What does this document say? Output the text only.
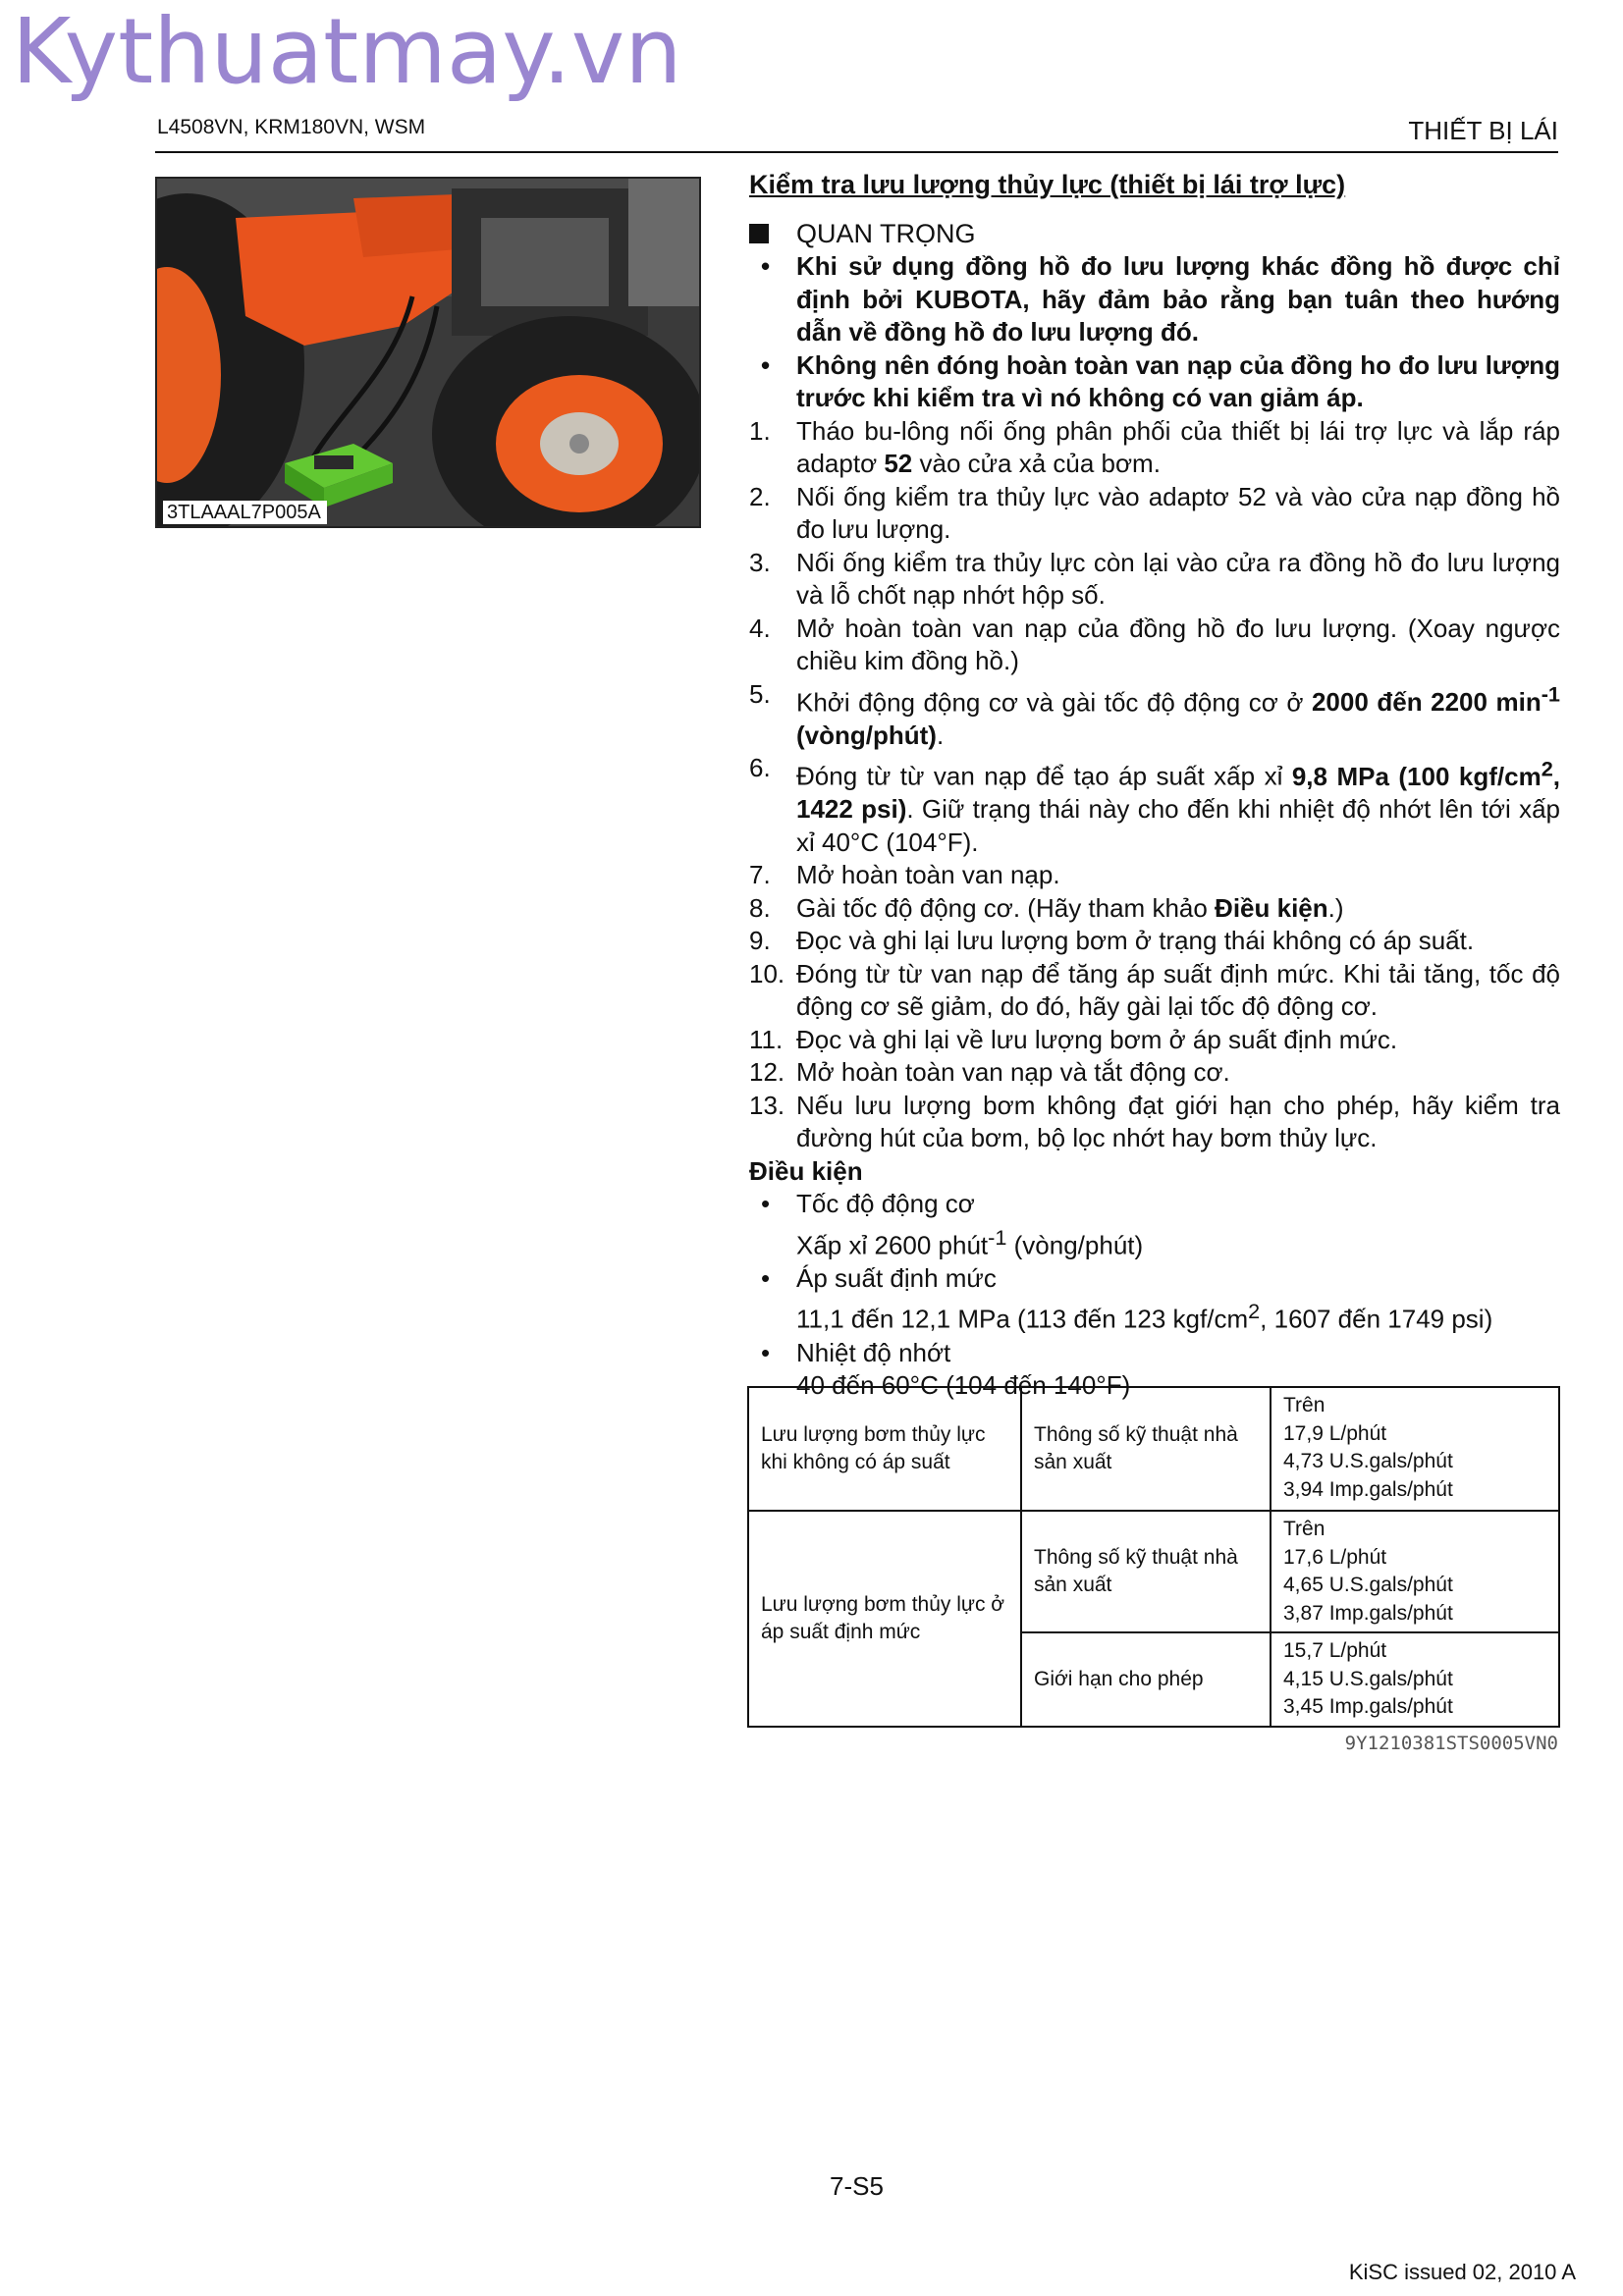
Kythuatmay.vn
L4508VN, KRM180VN, WSM	THIẾT BỊ LÁI
3TLAAAL7P005A
Kiểm tra lưu lượng thủy lực (thiết bị lái trợ lực)
QUAN TRỌNG
•	Khi sử dụng đồng hồ đo lưu lượng khác đồng hồ được chỉ định bởi KUBOTA, hãy đảm bảo rằng bạn tuân theo hướng dẫn về đồng hồ đo lưu lượng đó.
•	Không nên đóng hoàn toàn van nạp của đồng ho đo lưu lượng trước khi kiểm tra vì nó không có van giảm áp.
1.	Tháo bu-lông nối ống phân phối của thiết bị lái trợ lực và lắp ráp adaptơ 52 vào cửa xả của bơm.
2.	Nối ống kiểm tra thủy lực vào adaptơ 52 và vào cửa nạp đồng hồ đo lưu lượng.
3.	Nối ống kiểm tra thủy lực còn lại vào cửa ra đồng hồ đo lưu lượng và lỗ chốt nạp nhớt hộp số.
4.	Mở hoàn toàn van nạp của đồng hồ đo lưu lượng. (Xoay ngược chiều kim đồng hồ.)
5.	Khởi động động cơ và gài tốc độ động cơ ở 2000 đến 2200 $\min^{-1}$ (vòng/phút).
6.	Đóng từ từ van nạp để tạo áp suất xấp xỉ 9,8 MPa (100 kgf/$cm^2$, 1422 psi). Giữ trạng thái này cho đến khi nhiệt độ nhớt lên tới xấp xỉ 40°C (104°F).
7.	Mở hoàn toàn van nạp.
8.	Gài tốc độ động cơ. (Hãy tham khảo Điều kiện.)
9.	Đọc và ghi lại lưu lượng bơm ở trạng thái không có áp suất.
10. Đóng từ từ van nạp để tăng áp suất định mức. Khi tải tăng, tốc độ động cơ sẽ giảm, do đó, hãy gài lại tốc độ động cơ.
11. Đọc và ghi lại về lưu lượng bơm ở áp suất định mức.
12. Mở hoàn toàn van nạp và tắt động cơ.
13. Nếu lưu lượng bơm không đạt giới hạn cho phép, hãy kiểm tra đường hút của bơm, bộ lọc nhớt hay bơm thủy lực.
Điều kiện
•	Tốc độ động cơ
Xấp xỉ 2600 phút$^{-1}$ (vòng/phút)
•	Áp suất định mức
11,1 đến 12,1 MPa (113 đến 123 kgf/$cm^2$, 1607 đến 1749 psi)
•	Nhiệt độ nhớt
40 đến 60°C (104 đến 140°F)
Lưu lượng bơm thủy lực khi không có áp suất	Thông số kỹ thuật nhà sản xuất	Trên
17,9 L/phút
4,73 U.S.gals/phút
3,94 Imp.gals/phút

Lưu lượng bơm thủy lực ở áp suất định mức	Thông số kỹ thuật nhà sản xuất	Trên
17,6 L/phút
4,65 U.S.gals/phút
3,87 Imp.gals/phút

	Giới hạn cho phép	15,7 L/phút
4,15 U.S.gals/phút
3,45 Imp.gals/phút
9Y1210381STS0005VN0
7-S5
KiSC issued 02, 2010 A
